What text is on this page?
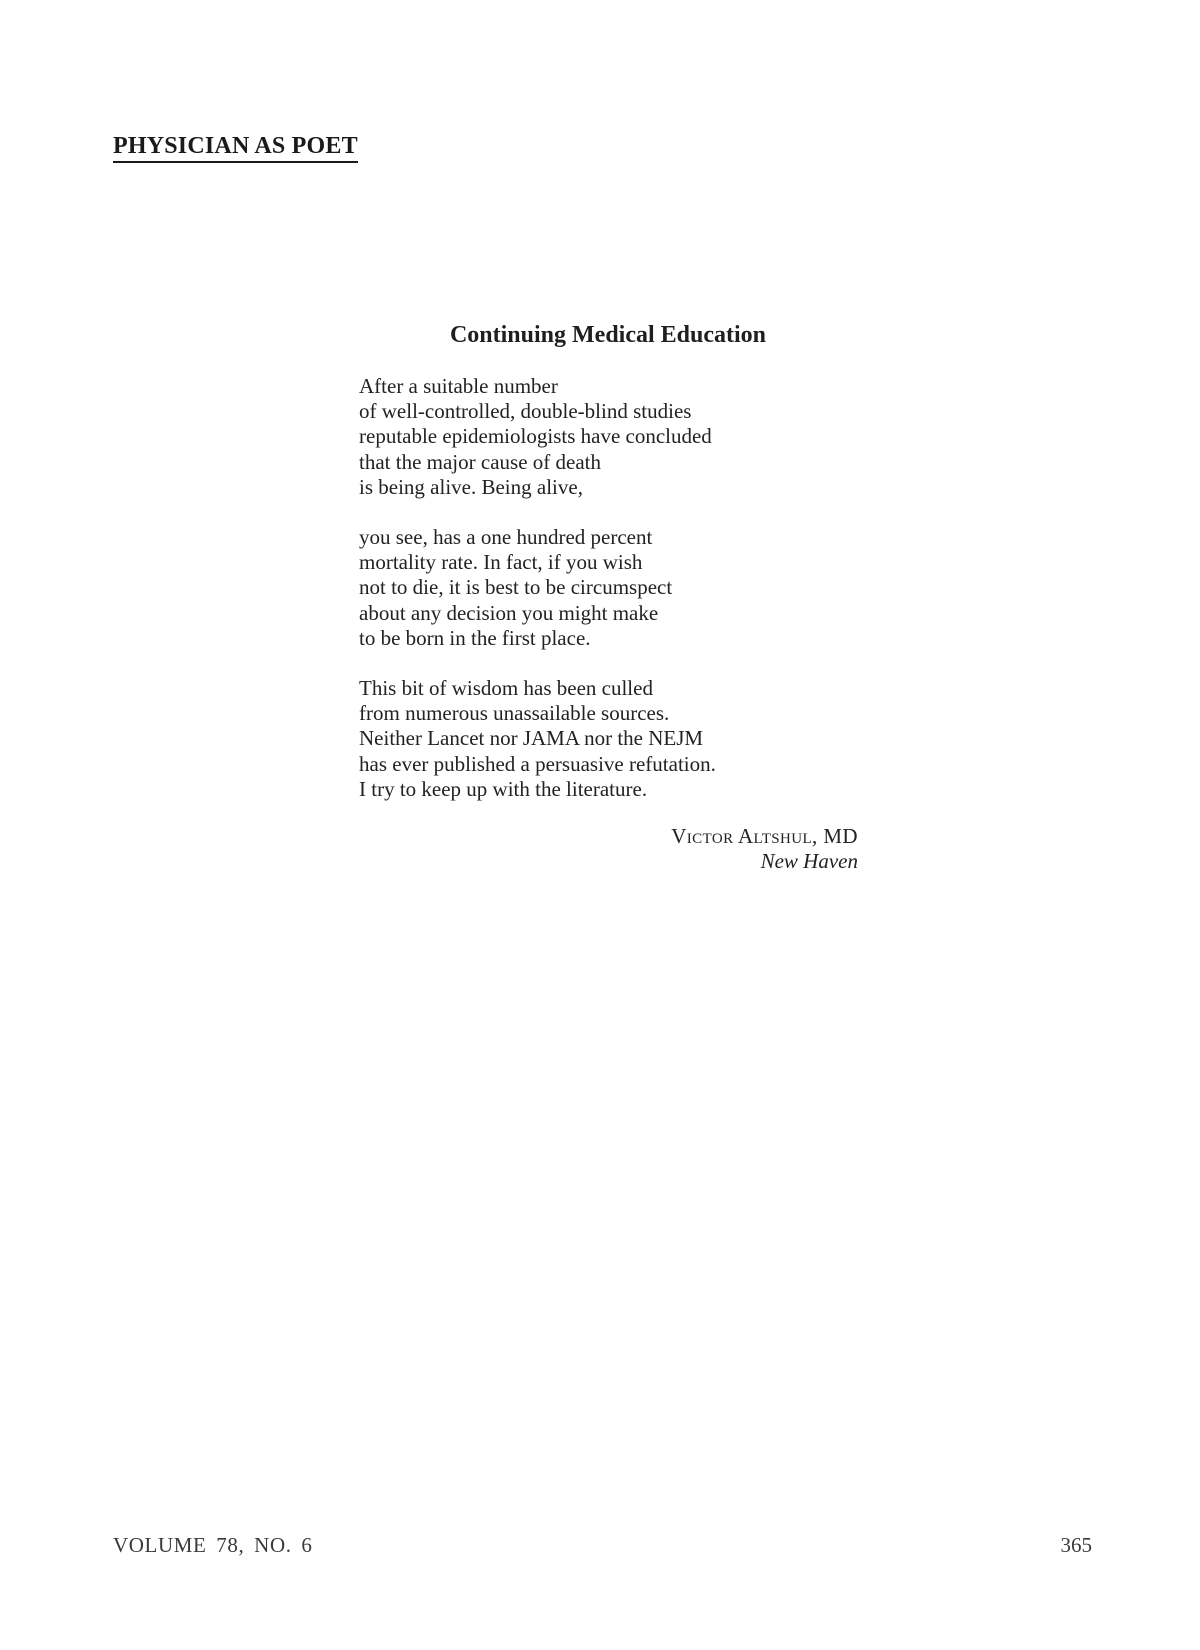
PHYSICIAN AS POET
Continuing Medical Education
After a suitable number
of well-controlled, double-blind studies
reputable epidemiologists have concluded
that the major cause of death
is being alive. Being alive,
you see, has a one hundred percent
mortality rate. In fact, if you wish
not to die, it is best to be circumspect
about any decision you might make
to be born in the first place.
This bit of wisdom has been culled
from numerous unassailable sources.
Neither Lancet nor JAMA nor the NEJM
has ever published a persuasive refutation.
I try to keep up with the literature.
Victor Altshul, MD
New Haven
VOLUME 78, NO. 6	365
